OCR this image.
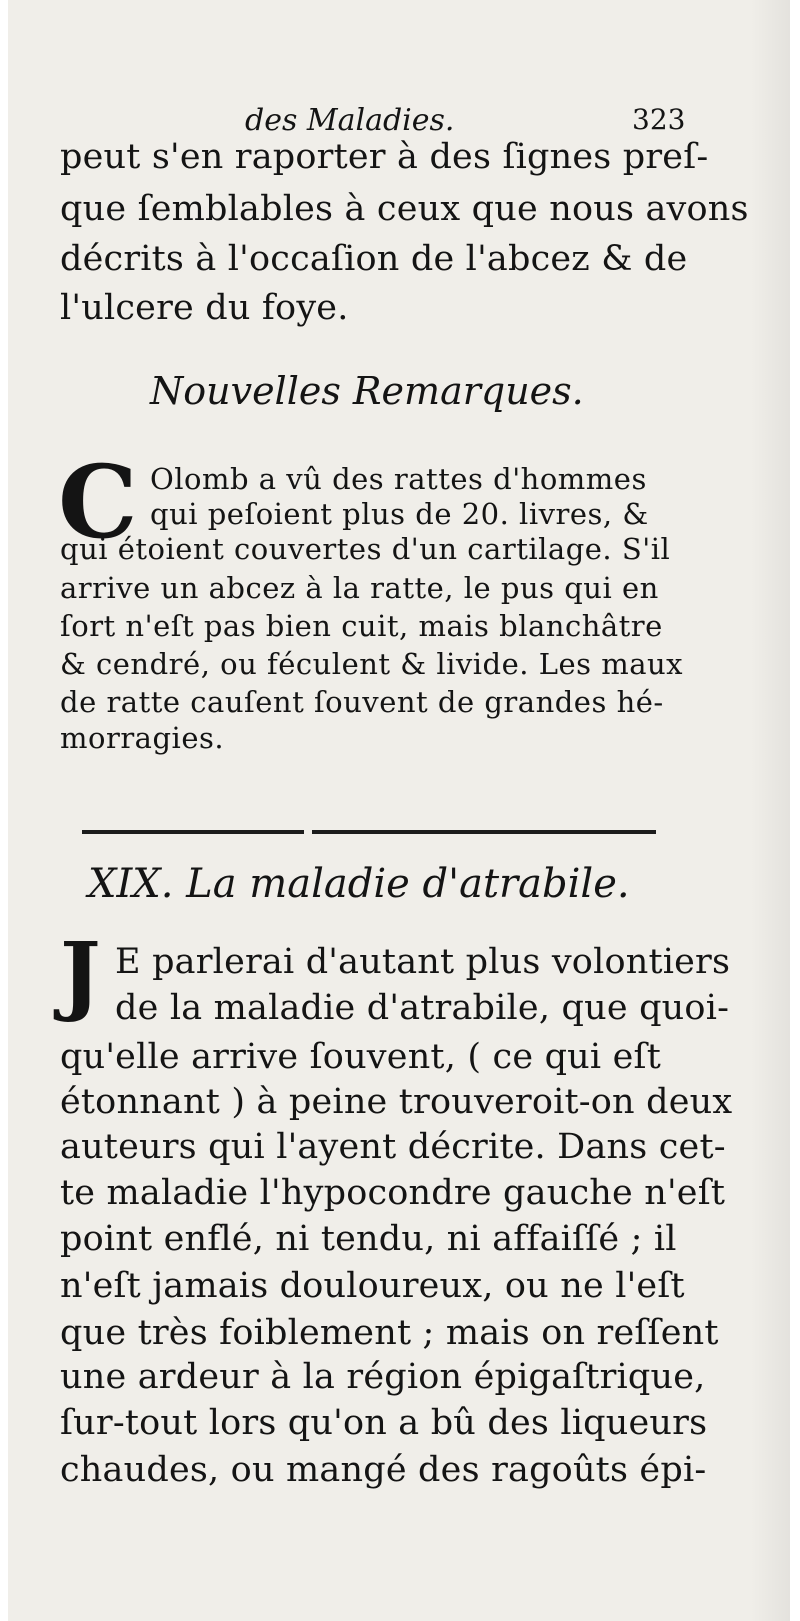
des Maladies.	323
peut s'en raporter à des ſignes preſ-
que ſemblables à ceux que nous avons
décrits à l'occaſion de l'abcez & de
l'ulcere du foye.
Nouvelles Remarques.
C Olomb a vû des rattes d'hommes
qui peſoient plus de 20. livres, &
qui étoient couvertes d'un cartilage. S'il
arrive un abcez à la ratte, le pus qui en
ſort n'eſt pas bien cuit, mais blanchâtre
& cendré, ou féculent & livide. Les maux
de ratte cauſent ſouvent de grandes hé-
morragies.
XIX. La maladie d'atrabile.
J E parlerai d'autant plus volontiers
de la maladie d'atrabile, que quoi-
qu'elle arrive ſouvent, ( ce qui eſt
étonnant ) à peine trouveroit-on deux
auteurs qui l'ayent décrite. Dans cet-
te maladie l'hypocondre gauche n'eſt
point enflé, ni tendu, ni affaiſſé ; il
n'eſt jamais douloureux, ou ne l'eſt
que très foiblement ; mais on reſſent
une ardeur à la région épigaſtrique,
ſur-tout lors qu'on a bû des liqueurs
chaudes, ou mangé des ragoûts épi-
